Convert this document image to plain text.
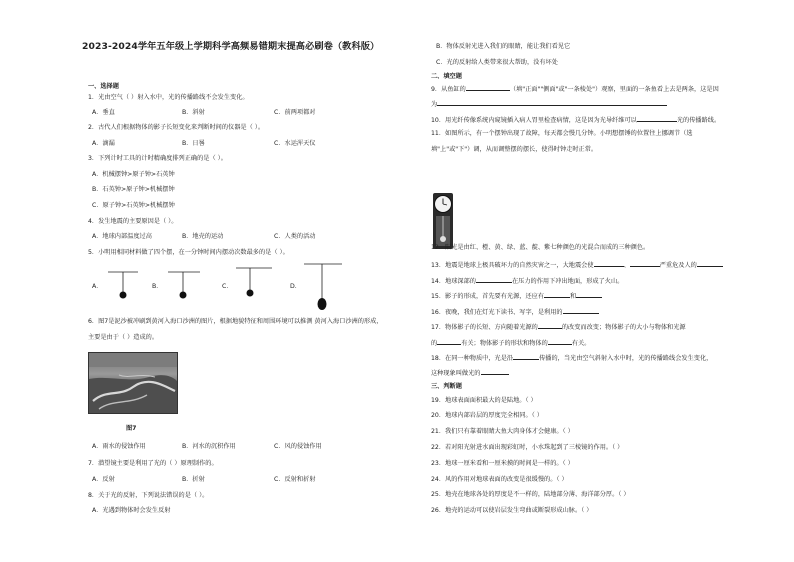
2023-2024学年五年级上学期科学高频易错期末提高必刷卷（教科版）
一、选择题
1．光由空气（ ）射入水中，光的传播路线不会发生变化。
A．垂直	B．斜射	C．前两项都对
2．古代人们根据物体的影子长短变化来判断时间的仪器是（ ）。
A．滴漏	B．日晷	C．水运浑天仪
3．下列计时工具的计时精确度排列正确的是（ ）。
A．机械摆钟>原子钟>石英钟
B．石英钟>原子钟>机械摆钟
C．原子钟>石英钟>机械摆钟
4．发生地震的主要原因是（ ）。
A．地球内部温度过高	B．地壳的运动	C．人类的活动
5．小明用相同材料做了四个摆，在一分钟时间内摆动次数最多的是（ ）。
A．	B．	C．	D．
6．图7是泥沙被冲刷到黄河入海口沙洲的图片，根据地貌特征和周围环境可以推测 黄河入海口沙洲的形成，
主要是由于（ ）造成的。
图7
A．雨水的侵蚀作用	B．河水的沉积作用	C．风的侵蚀作用
7．潜望镜主要是利用了光的（ ）原理制作的。
A．反射	B．折射	C．反射和折射
8．关于光的反射，下列说法错误的是（ ）。
A．光遇到物体时会发生反射
B．物体反射光进入我们的眼睛，能让我们看见它
C．光的反射给人类带来很大帮助，没有坏处
二、填空题
9．从鱼缸的	（填"正面""侧面"或"一条棱处"）观察，里面的一条鱼看上去是两条，这是因
为
10．用光纤传像系统内窥镜插入病人胃里检查病情，这是因为光导纤维可以	光的传播路线。
11．如图所示，有一个摆钟出现了故障，每天都会慢几分钟。小明想摆锤的位置往上挪调节（选
填"上"或"下"）调，从而调整摆的摆长，使得时钟走时正常。
12．阳光是由红、橙、黄、绿、蓝、靛、紫七种颜色的光混合而成的三种颜色。
13．地震是地球上极具破坏力的自然灾害之一，大地震会使	、	严重危及人的
14．地球深部的	在压力的作用下冲出地面，形成了火山。
15．影子的形成，首先要有光源，还应有	和
16．夜晚，我们在灯光下读书、写字，是利用的
17．物体影子的长短、方向随着光源的	的改变而改变；物体影子的大小与物体和光源
的	有关；物体影子的形状和物体的	有关。
18．在同一种物质中，光是沿	传播的，当光由空气斜射入水中时，光的传播路线会发生变化，
这种现象叫做光的
三、判断题
19．地球表面面积最大的是陆地。（ ）
20．地球内部岩层的厚度完全相同。（ ）
21．我们只有靠着眼睛大鱼大肉身体才会健康。（ ）
22．若对阳光射进水面出现彩虹时，小水珠起到了三棱镜的作用。（ ）
23．地球一厘米看和一厘米摸的时间是一样的。（ ）
24．风的作用对地球表面的改变是很缓慢的。（ ）
25．地壳在地球各处的厚度是不一样的，陆地部分薄、海洋部分厚。（ ）
26．地壳的运动可以使岩层发生弯曲或断裂形成山脉。（ ）
